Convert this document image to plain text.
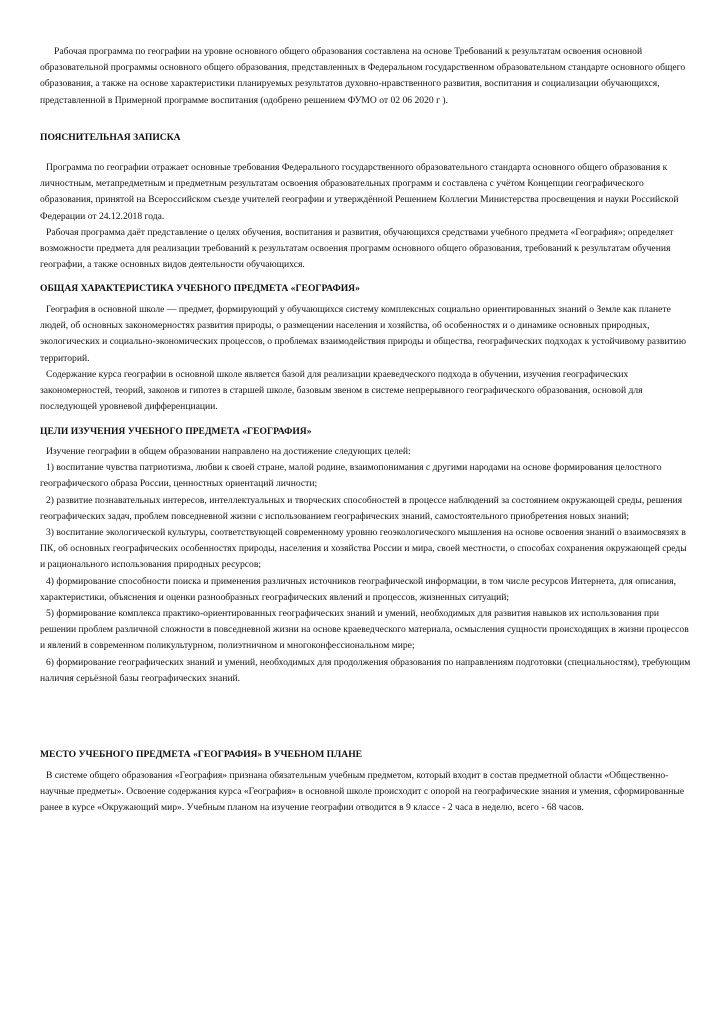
Рабочая программа по географии на уровне основного общего образования составлена на основе Требований к результатам освоения основной образовательной программы основного общего образования, представленных в Федеральном государственном образовательном стандарте основного общего образования, а также на основе характеристики планируемых результатов духовно-нравственного развития, воспитания и социализации обучающихся, представленной в Примерной программе воспитания (одобрено решением ФУМО от 02 06 2020 г ).

ПОЯСНИТЕЛЬНАЯ ЗАПИСКА

Программа по географии отражает основные требования Федерального государственного образовательного стандарта основного общего образования к личностным, метапредметным и предметным результатам освоения образовательных программ и составлена с учётом Концепции географического образования, принятой на Всероссийском съезде учителей географии и утверждённой Решением Коллегии Министерства просвещения и науки Российской Федерации от 24.12.2018 года.

Рабочая программа даёт представление о целях обучения, воспитания и развития, обучающихся средствами учебного предмета «География»; определяет возможности предмета для реализации требований к результатам освоения программ основного общего образования, требований к результатам обучения географии, а также основных видов деятельности обучающихся.

ОБЩАЯ ХАРАКТЕРИСТИКА УЧЕБНОГО ПРЕДМЕТА «ГЕОГРАФИЯ»

География в основной школе — предмет, формирующий у обучающихся систему комплексных социально ориентированных знаний о Земле как планете людей, об основных закономерностях развития природы, о размещении населения и хозяйства, об особенностях и о динамике основных природных, экологических и социально-экономических процессов, о проблемах взаимодействия природы и общества, географических подходах к устойчивому развитию территорий.

Содержание курса географии в основной школе является базой для реализации краеведческого подхода в обучении, изучения географических закономерностей, теорий, законов и гипотез в старшей школе, базовым звеном в системе непрерывного географического образования, основой для последующей уровневой дифференциации.

ЦЕЛИ ИЗУЧЕНИЯ УЧЕБНОГО ПРЕДМЕТА «ГЕОГРАФИЯ»

Изучение географии в общем образовании направлено на достижение следующих целей:

1) воспитание чувства патриотизма, любви к своей стране, малой родине, взаимопонимания с другими народами на основе формирования целостного географического образа России, ценностных ориентаций личности;

2) развитие познавательных интересов, интеллектуальных и творческих способностей в процессе наблюдений за состоянием окружающей среды, решения географических задач, проблем повседневной жизни с использованием географических знаний, самостоятельного приобретения новых знаний;

3) воспитание экологической культуры, соответствующей современному уровню геоэкологического мышления на основе освоения знаний о взаимосвязях в ПК, об основных географических особенностях природы, населения и хозяйства России и мира, своей местности, о способах сохранения окружающей среды и рационального использования природных ресурсов;

4) формирование способности поиска и применения различных источников географической информации, в том числе ресурсов Интернета, для описания, характеристики, объяснения и оценки разнообразных географических явлений и процессов, жизненных ситуаций;

5) формирование комплекса практико-ориентированных географических знаний и умений, необходимых для развития навыков их использования при решении проблем различной сложности в повседневной жизни на основе краеведческого материала, осмысления сущности происходящих в жизни процессов и явлений в современном поликультурном, полиэтничном и многоконфессиональном мире;

6) формирование географических знаний и умений, необходимых для продолжения образования по направлениям подготовки (специальностям), требующим наличия серьёзной базы географических знаний.

МЕСТО УЧЕБНОГО ПРЕДМЕТА «ГЕОГРАФИЯ» В УЧЕБНОМ ПЛАНЕ

В системе общего образования «География» признана обязательным учебным предметом, который входит в состав предметной области «Общественно-научные предметы». Освоение содержания курса «География» в основной школе происходит с опорой на географические знания и умения, сформированные ранее в курсе «Окружающий мир». Учебным планом на изучение географии отводится в 9 классе - 2 часа в неделю, всего - 68 часов.
